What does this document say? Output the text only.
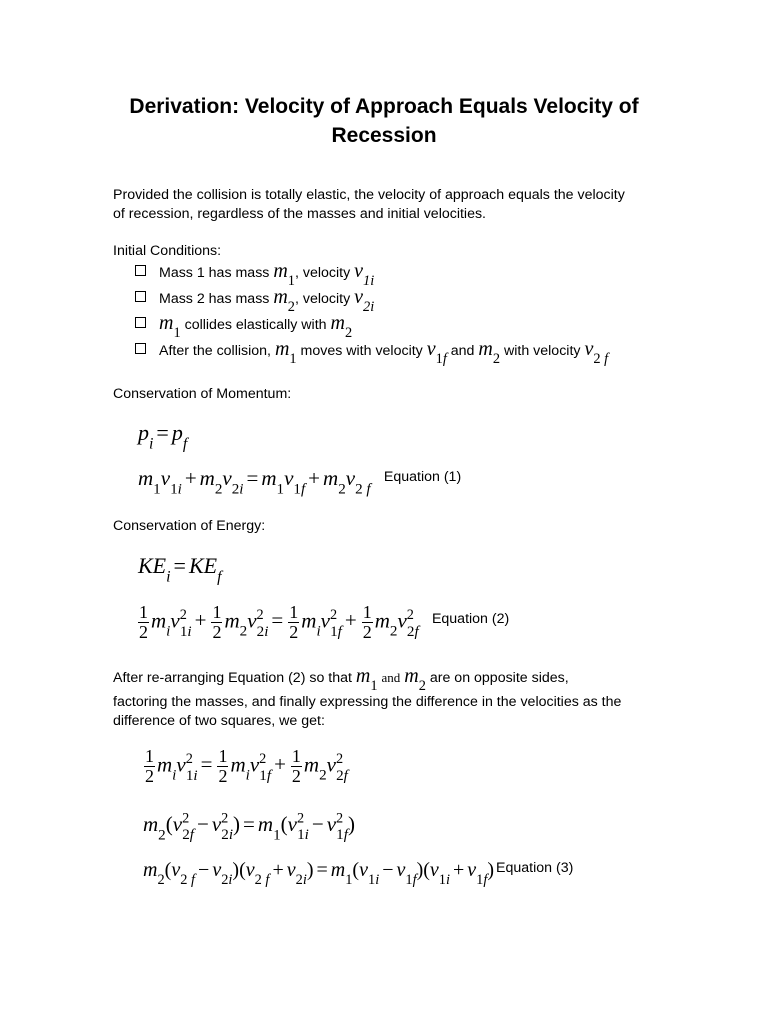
Derivation: Velocity of Approach Equals Velocity of Recession
Provided the collision is totally elastic, the velocity of approach equals the velocity of recession, regardless of the masses and initial velocities.
Initial Conditions:
Mass 1 has mass $m_1$, velocity $v_{1i}$
Mass 2 has mass $m_2$, velocity $v_{2i}$
$m_1$ collides elastically with $m_2$
After the collision, $m_1$ moves with velocity $v_{1f}$ and $m_2$ with velocity $v_{2 f}$
Conservation of Momentum:
$p_i = p_f$
$m_1v_{1i} + m_2v_{2i} = m_1v_{1f} + m_2v_{2 f}$ Equation (1)
Conservation of Energy:
$KE_i = KE_f$
$\frac{1}{2} m_iv^2_{1i} + \frac{1}{2} m_2v^2_{2i} = \frac{1}{2} m_iv^2_{1f} + \frac{1}{2} m_2v^2_{2f}$ Equation (2)
After re-arranging Equation (2) so that $m_1$ and $m_2$ are on opposite sides,
factoring the masses, and finally expressing the difference in the velocities as the difference of two squares, we get:
$\frac{1}{2} m_iv^2_{1i} = \frac{1}{2} m_iv^2_{1f} + \frac{1}{2} m_2v^2_{2f}$
$m_2(v^2_{2f} - v^2_{2i}) = m_1(v^2_{1i} - v^2_{1f})$
$m_2(v_{2 f} - v_{2i})(v_{2 f} + v_{2i}) = m_1(v_{1i} - v_{1f})(v_{1i} + v_{1f})$ $^{Equation (3)}$
